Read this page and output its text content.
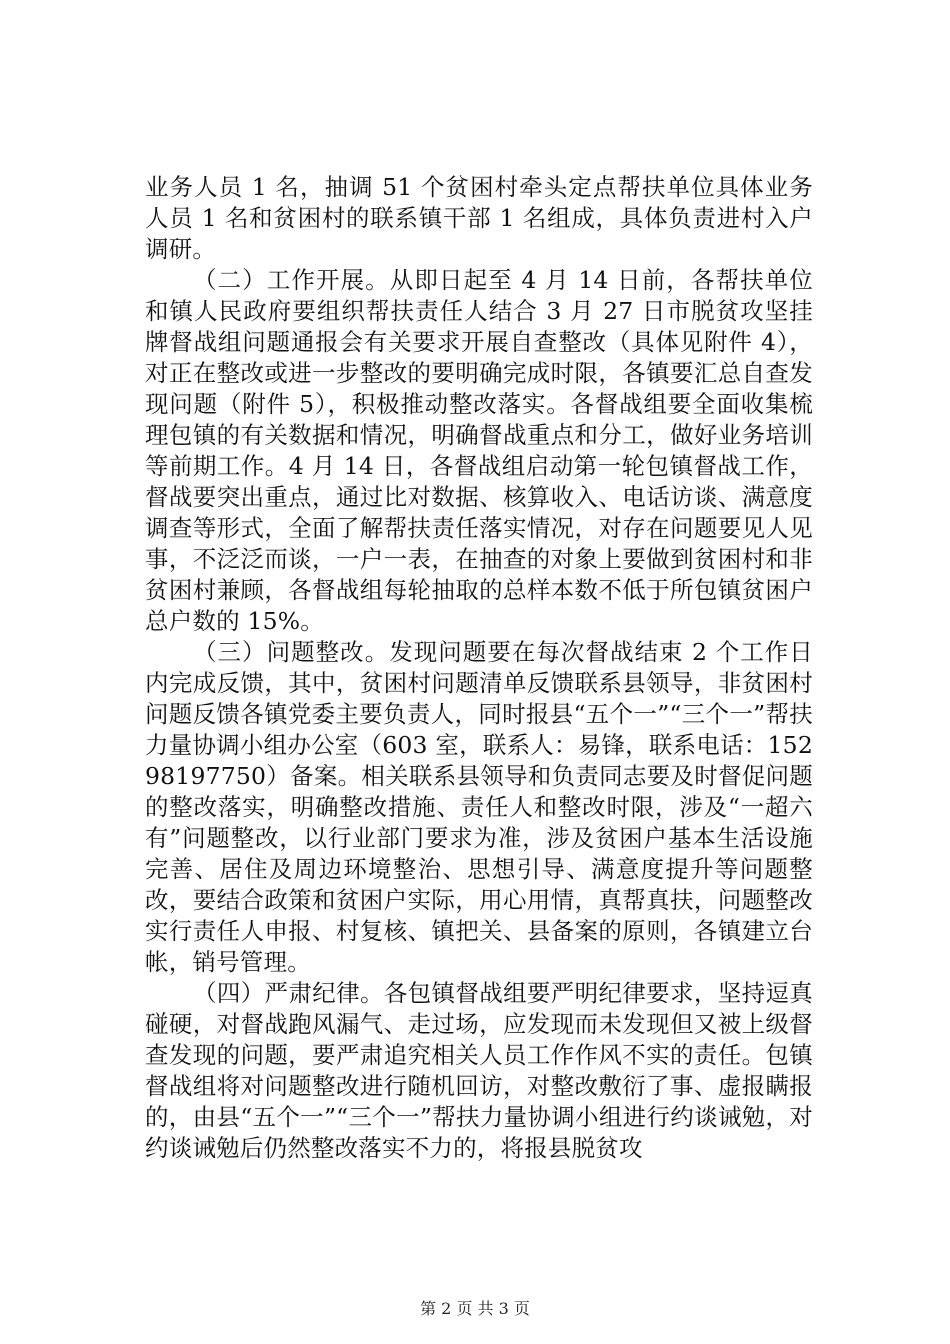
业务人员 1 名，抽调 51 个贫困村牵头定点帮扶单位具体业务人员 1 名和贫困村的联系镇干部 1 名组成，具体负责进村入户调研。

（二）工作开展。从即日起至 4 月 14 日前，各帮扶单位和镇人民政府要组织帮扶责任人结合 3 月 27 日市脱贫攻坚挂牌督战组问题通报会有关要求开展自查整改（具体见附件 4），对正在整改或进一步整改的要明确完成时限，各镇要汇总自查发现问题（附件 5），积极推动整改落实。各督战组要全面收集梳理包镇的有关数据和情况，明确督战重点和分工，做好业务培训等前期工作。4 月 14 日，各督战组启动第一轮包镇督战工作，督战要突出重点，通过比对数据、核算收入、电话访谈、满意度调查等形式，全面了解帮扶责任落实情况，对存在问题要见人见事，不泛泛而谈，一户一表，在抽查的对象上要做到贫困村和非贫困村兼顾，各督战组每轮抽取的总样本数不低于所包镇贫困户总户数的 15%。

（三）问题整改。发现问题要在每次督战结束 2 个工作日内完成反馈，其中，贫困村问题清单反馈联系县领导，非贫困村问题反馈各镇党委主要负责人，同时报县“五个一”“三个一”帮扶力量协调小组办公室（603 室，联系人：易锋，联系电话：15298197750）备案。相关联系县领导和负责同志要及时督促问题的整改落实，明确整改措施、责任人和整改时限，涉及“一超六有”问题整改，以行业部门要求为准，涉及贫困户基本生活设施完善、居住及周边环境整治、思想引导、满意度提升等问题整改，要结合政策和贫困户实际，用心用情，真帮真扶，问题整改实行责任人申报、村复核、镇把关、县备案的原则，各镇建立台帐，销号管理。

（四）严肃纪律。各包镇督战组要严明纪律要求，坚持逗真碰硬，对督战跑风漏气、走过场，应发现而未发现但又被上级督查发现的问题，要严肃追究相关人员工作作风不实的责任。包镇督战组将对问题整改进行随机回访，对整改敷衍了事、虚报瞒报的，由县“五个一”“三个一”帮扶力量协调小组进行约谈诫勉，对约谈诫勉后仍然整改落实不力的，将报县脱贫攻

第 2 页 共 3 页
